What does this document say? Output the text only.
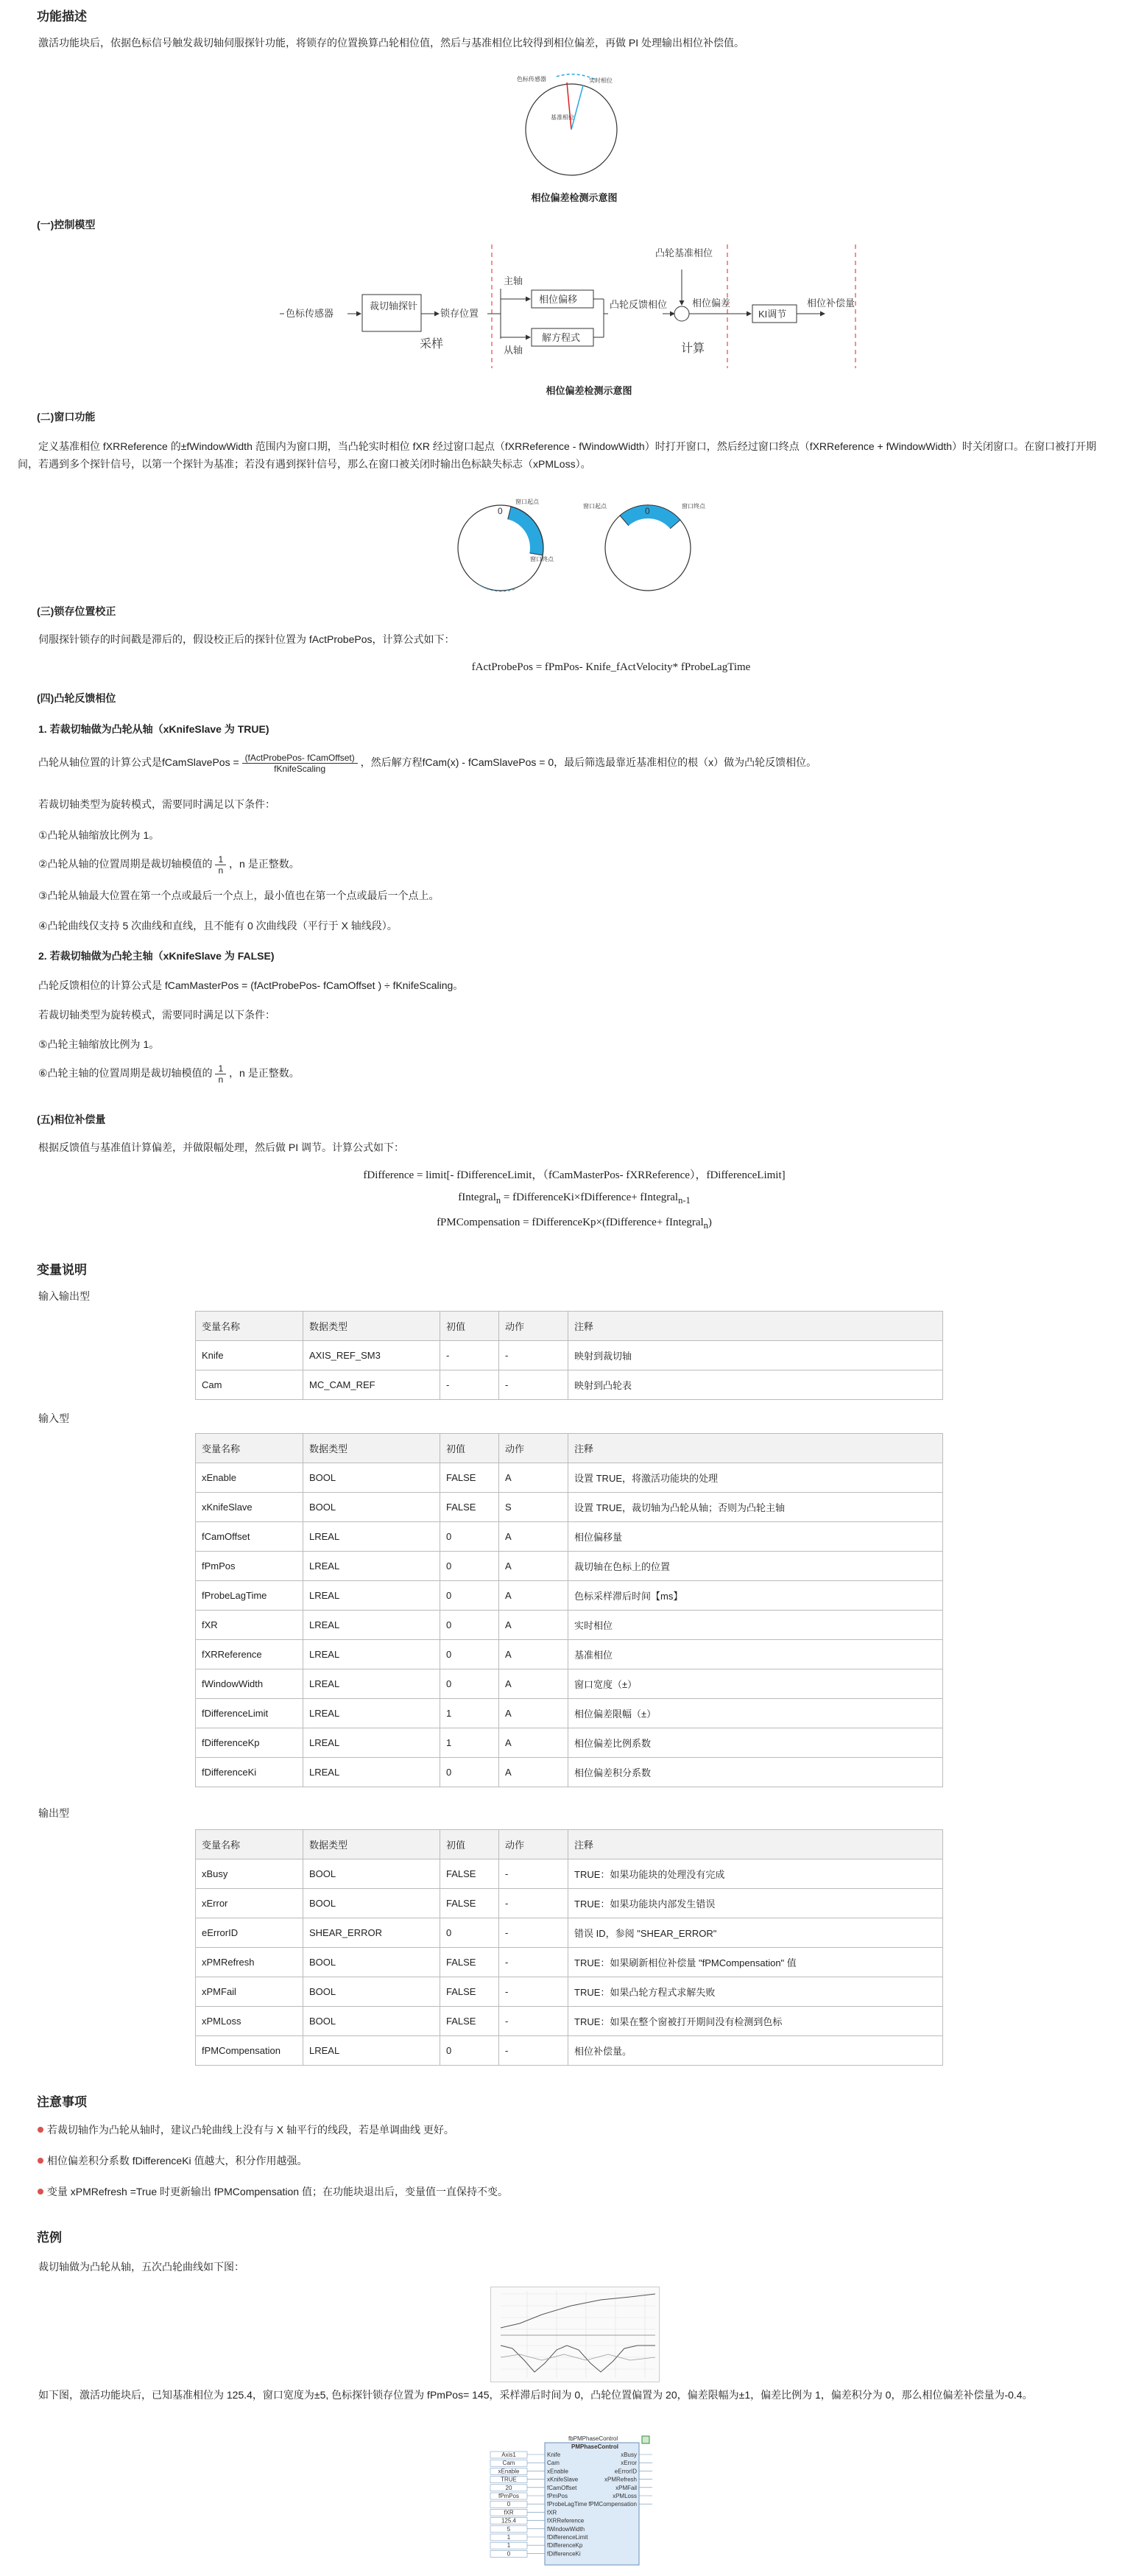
功能描述
激活功能块后，依据色标信号触发裁切轴伺服探针功能，将锁存的位置换算凸轮相位值，然后与基准相位比较得到相位偏差，再做 PI 处理输出相位补偿值。
色标传感器	实时相位
基准相位
相位偏差检测示意图
(一)控制模型
色标传感器
裁切轴探针
锁存位置
采样
主轴
从轴
相位偏移
解方程式
凸轮反馈相位
凸轮基准相位
相位偏差
计算
KI调节
相位补偿量
相位偏差检测示意图
(二)窗口功能
定义基准相位 fXRReference 的±fWindowWidth 范围内为窗口期，当凸轮实时相位 fXR 经过窗口起点（fXRReference - fWindowWidth）时打开窗口，然后经过窗口终点（fXRReference + fWindowWidth）时关闭窗口。在窗口被打开期间，若遇到多个探针信号，以第一个探针为基准；若没有遇到探针信号，那么在窗口被关闭时输出色标缺失标志（xPMLoss）。
0
窗口起点
窗口终点
0
窗口起点	窗口终点
(三)锁存位置校正
伺服探针锁存的时间戳是滞后的，假设校正后的探针位置为 fActProbePos，计算公式如下：
fActProbePos = fPmPos- Knife_fActVelocity* fProbeLagTime
(四)凸轮反馈相位
1. 若裁切轴做为凸轮从轴（xKnifeSlave 为 TRUE)
凸轮从轴位置的计算公式是fCamSlavePos = $\frac{\text{(fActProbePos- fCamOffset)}}{\text{fKnifeScaling}}$ ，然后解方程fCam(x) - fCamSlavePos = 0，最后筛选最靠近基准相位的根（x）做为凸轮反馈相位。
若裁切轴类型为旋转模式，需要同时满足以下条件：
①凸轮从轴缩放比例为 1。
②凸轮从轴的位置周期是裁切轴模值的 $\frac{1}{n}$ ，n 是正整数。
③凸轮从轴最大位置在第一个点或最后一个点上，最小值也在第一个点或最后一个点上。
④凸轮曲线仅支持 5 次曲线和直线，且不能有 0 次曲线段（平行于 X 轴线段）。
2. 若裁切轴做为凸轮主轴（xKnifeSlave 为 FALSE)
凸轮反馈相位的计算公式是 fCamMasterPos = (fActProbePos- fCamOffset ) ÷ fKnifeScaling。
若裁切轴类型为旋转模式，需要同时满足以下条件：
⑤凸轮主轴缩放比例为 1。
⑥凸轮主轴的位置周期是裁切轴模值的 $\frac{1}{n}$ ，n 是正整数。
(五)相位补偿量
根据反馈值与基准值计算偏差，并做限幅处理，然后做 PI 调节。计算公式如下：
fDifference = limit[- fDifferenceLimit，（fCamMasterPos- fXRReference），fDifferenceLimit]
fIntegral$_n$ = fDifferenceKi×fDifference+ fIntegral$_{n-1}$
fPMCompensation = fDifferenceKp×(fDifference+ fIntegral$_n$)
变量说明
输入输出型
变量名称	数据类型	初值	动作	注释
Knife	AXIS_REF_SM3	-	-	映射到裁切轴
Cam	MC_CAM_REF	-	-	映射到凸轮表
输入型
变量名称	数据类型	初值	动作	注释
xEnable	BOOL	FALSE	A	设置 TRUE，将激活功能块的处理
xKnifeSlave	BOOL	FALSE	S	设置 TRUE，裁切轴为凸轮从轴；否则为凸轮主轴
fCamOffset	LREAL	0	A	相位偏移量
fPmPos	LREAL	0	A	裁切轴在色标上的位置
fProbeLagTime	LREAL	0	A	色标采样滞后时间【ms】
fXR	LREAL	0	A	实时相位
fXRReference	LREAL	0	A	基准相位
fWindowWidth	LREAL	0	A	窗口宽度（±）
fDifferenceLimit	LREAL	1	A	相位偏差限幅（±）
fDifferenceKp	LREAL	1	A	相位偏差比例系数
fDifferenceKi	LREAL	0	A	相位偏差积分系数
输出型
变量名称	数据类型	初值	动作	注释
xBusy	BOOL	FALSE	-	TRUE：如果功能块的处理没有完成
xError	BOOL	FALSE	-	TRUE：如果功能块内部发生错误
eErrorID	SHEAR_ERROR	0	-	错误 ID，参阅 "SHEAR_ERROR"
xPMRefresh	BOOL	FALSE	-	TRUE：如果刷新相位补偿量 "fPMCompensation" 值
xPMFail	BOOL	FALSE	-	TRUE：如果凸轮方程式求解失败
xPMLoss	BOOL	FALSE	-	TRUE：如果在整个窗被打开期间没有检测到色标
fPMCompensation	LREAL	0	-	相位补偿量。
注意事项
若裁切轴作为凸轮从轴时，建议凸轮曲线上没有与 X 轴平行的线段，若是单调曲线 更好。
相位偏差积分系数 fDifferenceKi 值越大，积分作用越强。
变量 xPMRefresh =True 时更新输出 fPMCompensation 值；在功能块退出后，变量值一直保持不变。
范例
裁切轴做为凸轮从轴，五次凸轮曲线如下图：
如下图，激活功能块后，已知基准相位为 125.4，窗口宽度为±5, 色标探针锁存位置为 fPmPos= 145，采样滞后时间为 0，凸轮位置偏置为 20，偏差限幅为±1，偏差比例为 1，偏差积分为 0，那么相位偏差补偿量为-0.4。
fbPMPhaseControl
PMPhaseControl
Axis1	Knife
Cam	Cam
xEnable	xEnable
TRUE	xKnifeSlave
20	fCamOffset
fPmPos	fPmPos
0	fProbeLagTime
fXR	fXR
125.4	fXRReference
5	fWindowWidth
1	fDifferenceLimit
1	fDifferenceKp
0	fDifferenceKi
xBusy
xError
eErrorID
xPMRefresh
xPMFail
xPMLoss
fPMCompensation
